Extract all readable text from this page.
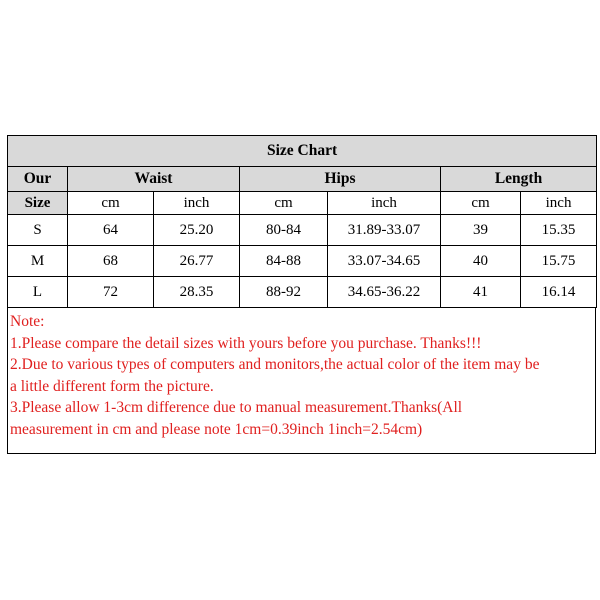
Size Chart						
Our	Waist		Hips		Length	
Size	cm	inch	cm	inch	cm	inch
S	64	25.20	80-84	31.89-33.07	39	15.35
M	68	26.77	84-88	33.07-34.65	40	15.75
L	72	28.35	88-92	34.65-36.22	41	16.14

Note:

1.Please compare the detail sizes with yours before you purchase. Thanks!!!

2.Due to various types of computers and monitors,the actual color of the item may be

a little different form the picture.

3.Please allow 1-3cm difference due to manual measurement.Thanks(All

measurement in cm and please note 1cm=0.39inch 1inch=2.54cm)
